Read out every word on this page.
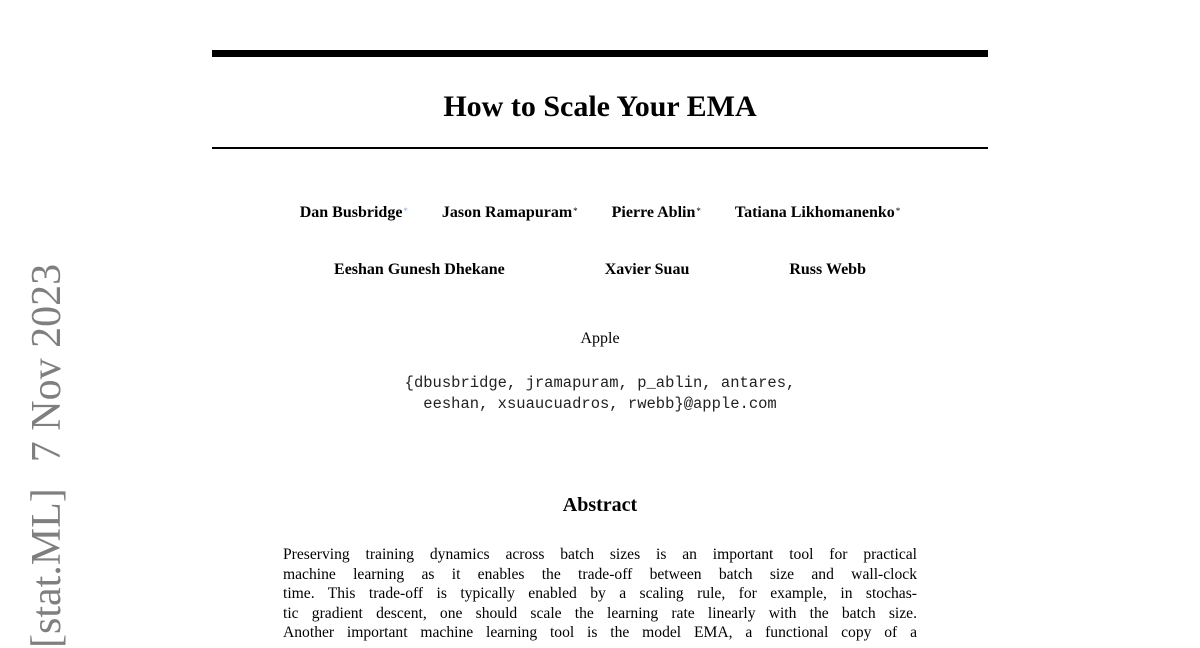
[stat.ML]7 Nov 2023
How to Scale Your EMA
Dan Busbridge* Jason Ramapuram* Pierre Ablin* Tatiana Likhomanenko*
Eeshan Gunesh Dhekane	Xavier Suau	Russ Webb
Apple
{dbusbridge, jramapuram, p_ablin, antares,
eeshan, xsuaucuadros, rwebb}@apple.com
Abstract
Preserving training dynamics across batch sizes is an important tool for practical
machine learning as it enables the trade-off between batch size and wall-clock
time. This trade-off is typically enabled by a scaling rule, for example, in stochas-
tic gradient descent, one should scale the learning rate linearly with the batch size.
Another important machine learning tool is the model EMA, a functional copy of a
